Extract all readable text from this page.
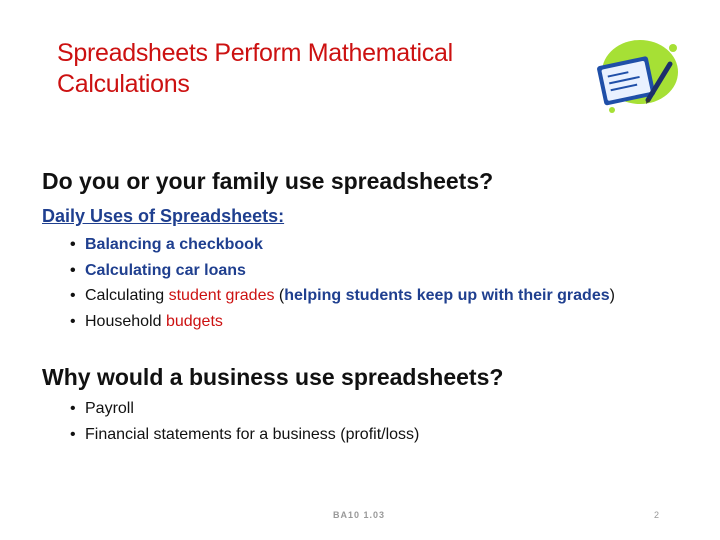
Spreadsheets Perform Mathematical
Calculations
Do you or your family use spreadsheets?
Daily Uses of Spreadsheets:
• Balancing a checkbook
• Calculating car loans
• Calculating student grades (helping students keep up with their grades)
• Household budgets
Why would a business use spreadsheets?
• Payroll
• Financial statements for a business (profit/loss)
BA10 1.03	2
